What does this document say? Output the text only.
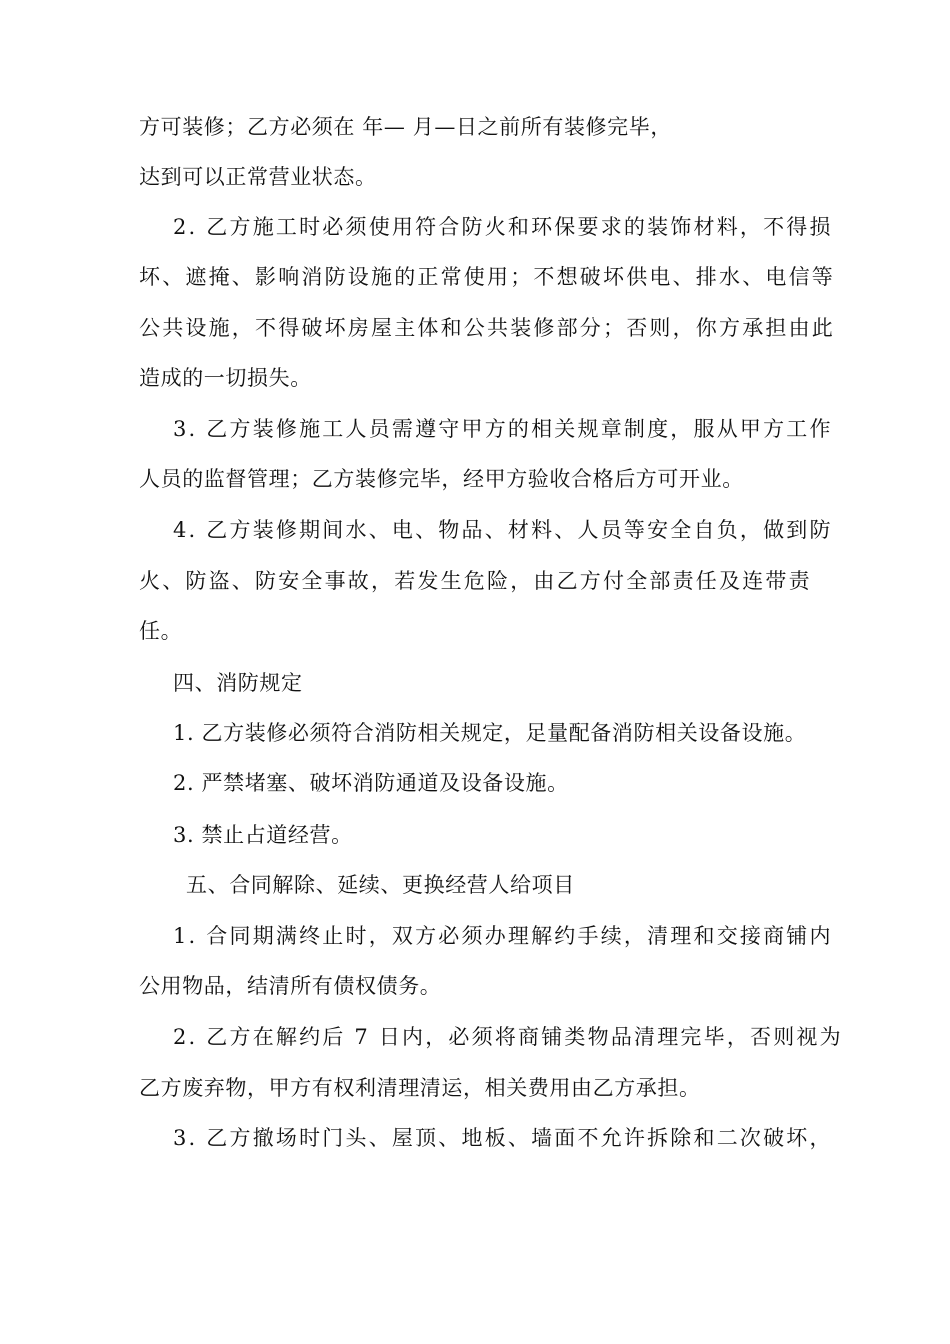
方可装修；乙方必须在 年— 月—日之前所有装修完毕，
达到可以正常营业状态。
2. 乙方施工时必须使用符合防火和环保要求的装饰材料，不得损
坏、遮掩、影响消防设施的正常使用；不想破坏供电、排水、电信等
公共设施，不得破坏房屋主体和公共装修部分；否则，你方承担由此
造成的一切损失。
3. 乙方装修施工人员需遵守甲方的相关规章制度，服从甲方工作
人员的监督管理；乙方装修完毕，经甲方验收合格后方可开业。
4. 乙方装修期间水、电、物品、材料、人员等安全自负，做到防
火、防盗、防安全事故，若发生危险，由乙方付全部责任及连带责
任。
四、消防规定
1. 乙方装修必须符合消防相关规定，足量配备消防相关设备设施。
2. 严禁堵塞、破坏消防通道及设备设施。
3. 禁止占道经营。
五、合同解除、延续、更换经营人给项目
1. 合同期满终止时，双方必须办理解约手续，清理和交接商铺内
公用物品，结清所有债权债务。
2. 乙方在解约后 7 日内，必须将商铺类物品清理完毕，否则视为
乙方废弃物，甲方有权利清理清运，相关费用由乙方承担。
3. 乙方撤场时门头、屋顶、地板、墙面不允许拆除和二次破坏，
